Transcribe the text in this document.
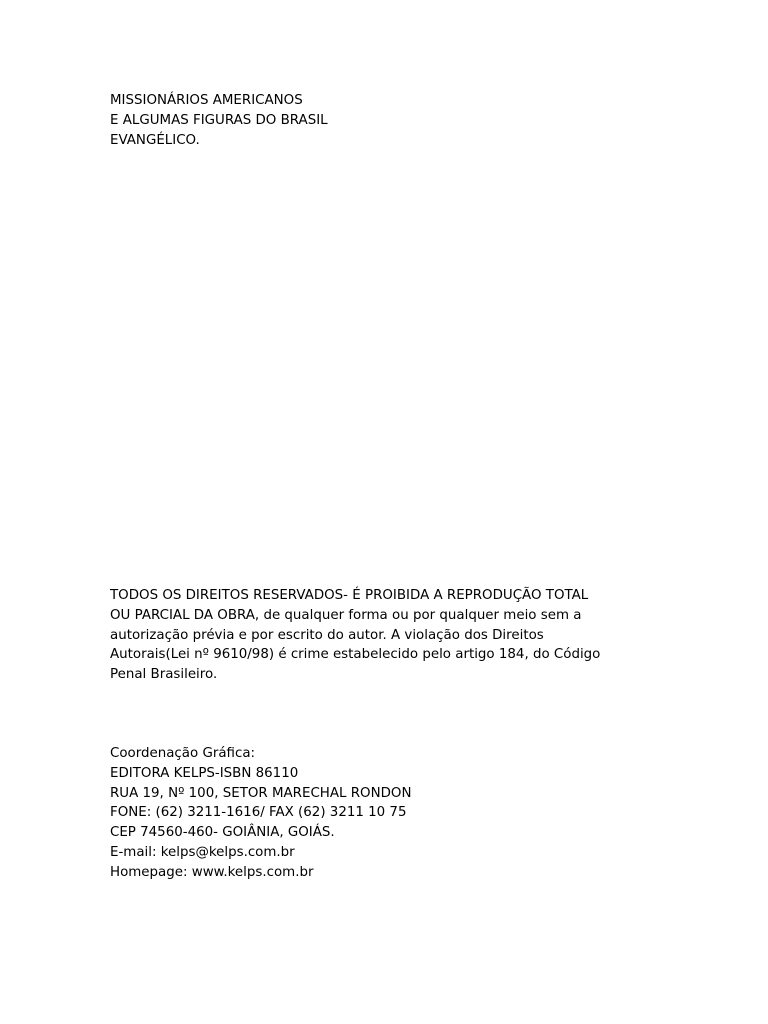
MISSIONÁRIOS AMERICANOS
E ALGUMAS FIGURAS DO BRASIL
EVANGÉLICO.
TODOS OS DIREITOS RESERVADOS- É PROIBIDA A REPRODUÇÃO TOTAL
OU PARCIAL DA OBRA, de qualquer forma ou por qualquer meio sem a
autorização prévia e por escrito do autor. A violação dos Direitos
Autorais(Lei nº 9610/98) é crime estabelecido pelo artigo 184, do Código
Penal Brasileiro.
Coordenação Gráfica:
EDITORA KELPS-ISBN 86110
RUA 19, Nº 100, SETOR MARECHAL RONDON
FONE: (62) 3211-1616/ FAX (62) 3211 10 75
CEP 74560-460- GOIÂNIA, GOIÁS.
E-mail: kelps@kelps.com.br
Homepage: www.kelps.com.br
